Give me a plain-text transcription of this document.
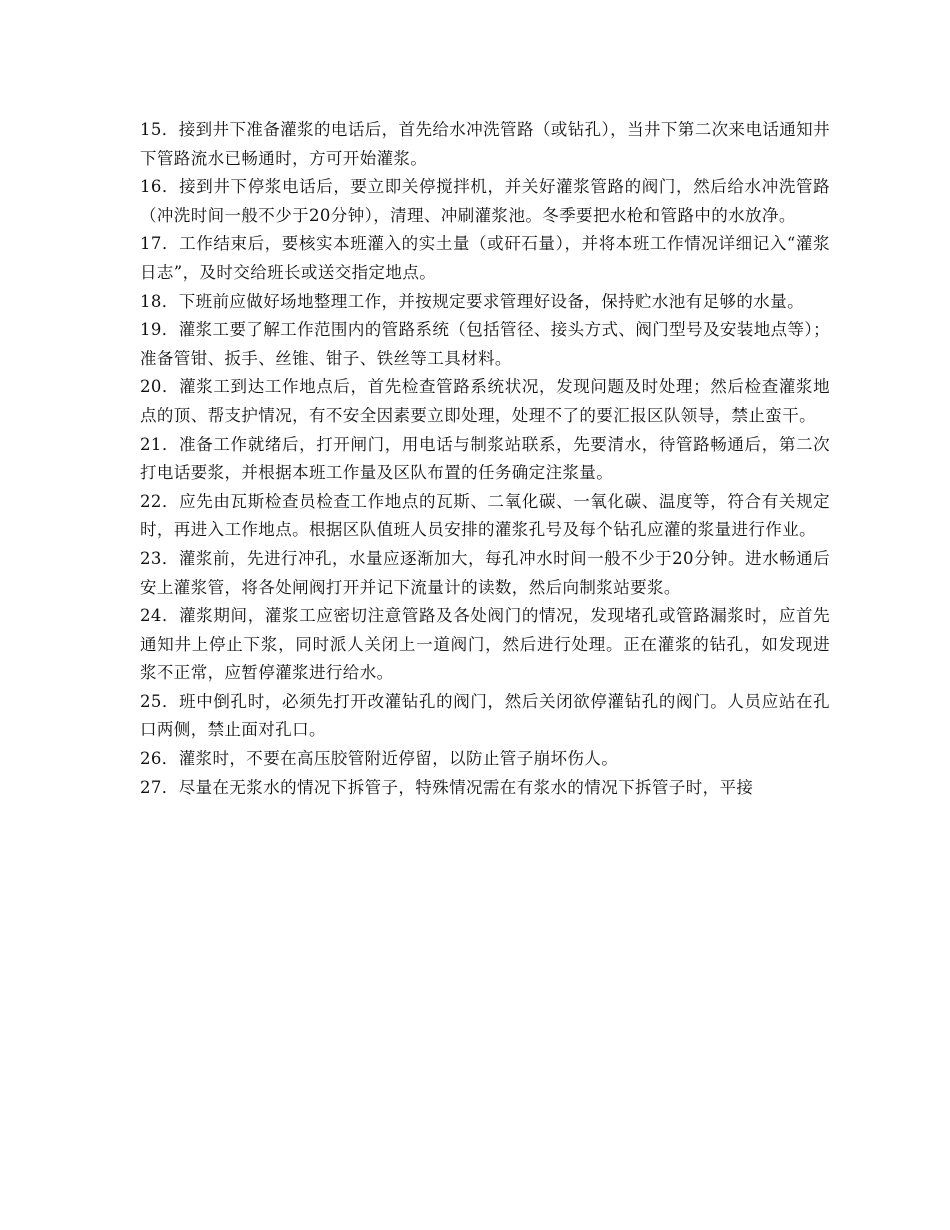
15．接到井下准备灌浆的电话后，首先给水冲洗管路（或钻孔），当井下第二次来电话通知井下管路流水已畅通时，方可开始灌浆。

16．接到井下停浆电话后，要立即关停搅拌机，并关好灌浆管路的阀门，然后给水冲洗管路（冲洗时间一般不少于20分钟），清理、冲刷灌浆池。冬季要把水枪和管路中的水放净。

17．工作结束后，要核实本班灌入的实土量（或矸石量），并将本班工作情况详细记入“灌浆日志”，及时交给班长或送交指定地点。

18．下班前应做好场地整理工作，并按规定要求管理好设备，保持贮水池有足够的水量。

19．灌浆工要了解工作范围内的管路系统（包括管径、接头方式、阀门型号及安装地点等）；准备管钳、扳手、丝锥、钳子、铁丝等工具材料。

20．灌浆工到达工作地点后，首先检查管路系统状况，发现问题及时处理；然后检查灌浆地点的顶、帮支护情况，有不安全因素要立即处理，处理不了的要汇报区队领导，禁止蛮干。

21．准备工作就绪后，打开闸门，用电话与制浆站联系，先要清水，待管路畅通后，第二次打电话要浆，并根据本班工作量及区队布置的任务确定注浆量。

22．应先由瓦斯检查员检查工作地点的瓦斯、二氧化碳、一氧化碳、温度等，符合有关规定时，再进入工作地点。根据区队值班人员安排的灌浆孔号及每个钻孔应灌的浆量进行作业。

23．灌浆前，先进行冲孔，水量应逐渐加大，每孔冲水时间一般不少于20分钟。进水畅通后安上灌浆管，将各处闸阀打开并记下流量计的读数，然后向制浆站要浆。

24．灌浆期间，灌浆工应密切注意管路及各处阀门的情况，发现堵孔或管路漏浆时，应首先通知井上停止下浆，同时派人关闭上一道阀门，然后进行处理。正在灌浆的钻孔，如发现进浆不正常，应暂停灌浆进行给水。

25．班中倒孔时，必须先打开改灌钻孔的阀门，然后关闭欲停灌钻孔的阀门。人员应站在孔口两侧，禁止面对孔口。

26．灌浆时，不要在高压胶管附近停留，以防止管子崩坏伤人。

27．尽量在无浆水的情况下拆管子，特殊情况需在有浆水的情况下拆管子时，平接
